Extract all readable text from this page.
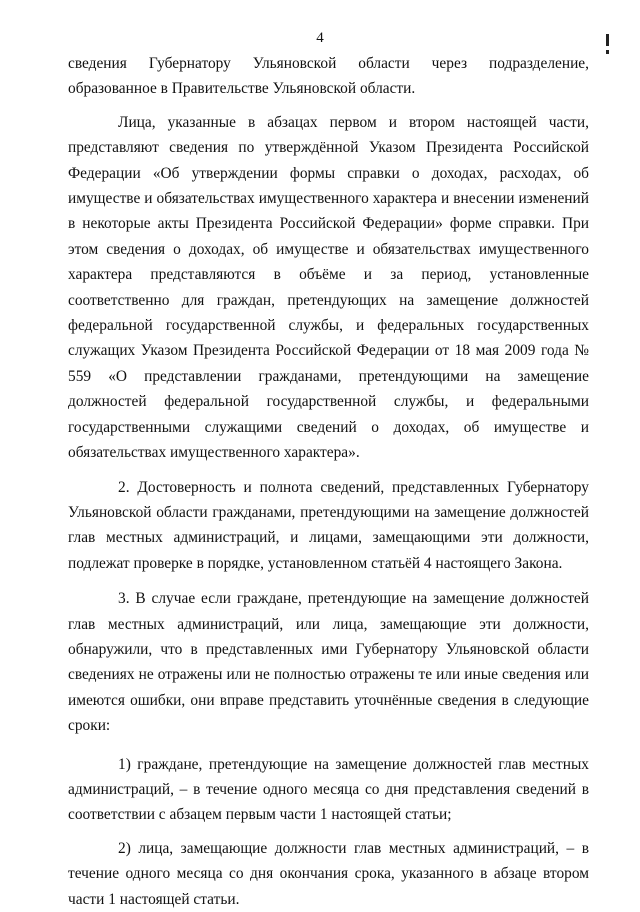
4

сведения Губернатору Ульяновской области через подразделение, образованное в Правительстве Ульяновской области.

Лица, указанные в абзацах первом и втором настоящей части, представляют сведения по утверждённой Указом Президента Российской Федерации «Об утверждении формы справки о доходах, расходах, об имуществе и обязательствах имущественного характера и внесении изменений в некоторые акты Президента Российской Федерации» форме справки. При этом сведения о доходах, об имуществе и обязательствах имущественного характера представляются в объёме и за период, установленные соответственно для граждан, претендующих на замещение должностей федеральной государственной службы, и федеральных государственных служащих Указом Президента Российской Федерации от 18 мая 2009 года № 559 «О представлении гражданами, претендующими на замещение должностей федеральной государственной службы, и федеральными государственными служащими сведений о доходах, об имуществе и обязательствах имущественного характера».

2. Достоверность и полнота сведений, представленных Губернатору Ульяновской области гражданами, претендующими на замещение должностей глав местных администраций, и лицами, замещающими эти должности, подлежат проверке в порядке, установленном статьёй 4 настоящего Закона.

3. В случае если граждане, претендующие на замещение должностей глав местных администраций, или лица, замещающие эти должности, обнаружили, что в представленных ими Губернатору Ульяновской области сведениях не отражены или не полностью отражены те или иные сведения или имеются ошибки, они вправе представить уточнённые сведения в следующие сроки:

1) граждане, претендующие на замещение должностей глав местных администраций, – в течение одного месяца со дня представления сведений в соответствии с абзацем первым части 1 настоящей статьи;

2) лица, замещающие должности глав местных администраций, – в течение одного месяца со дня окончания срока, указанного в абзаце втором части 1 настоящей статьи.
